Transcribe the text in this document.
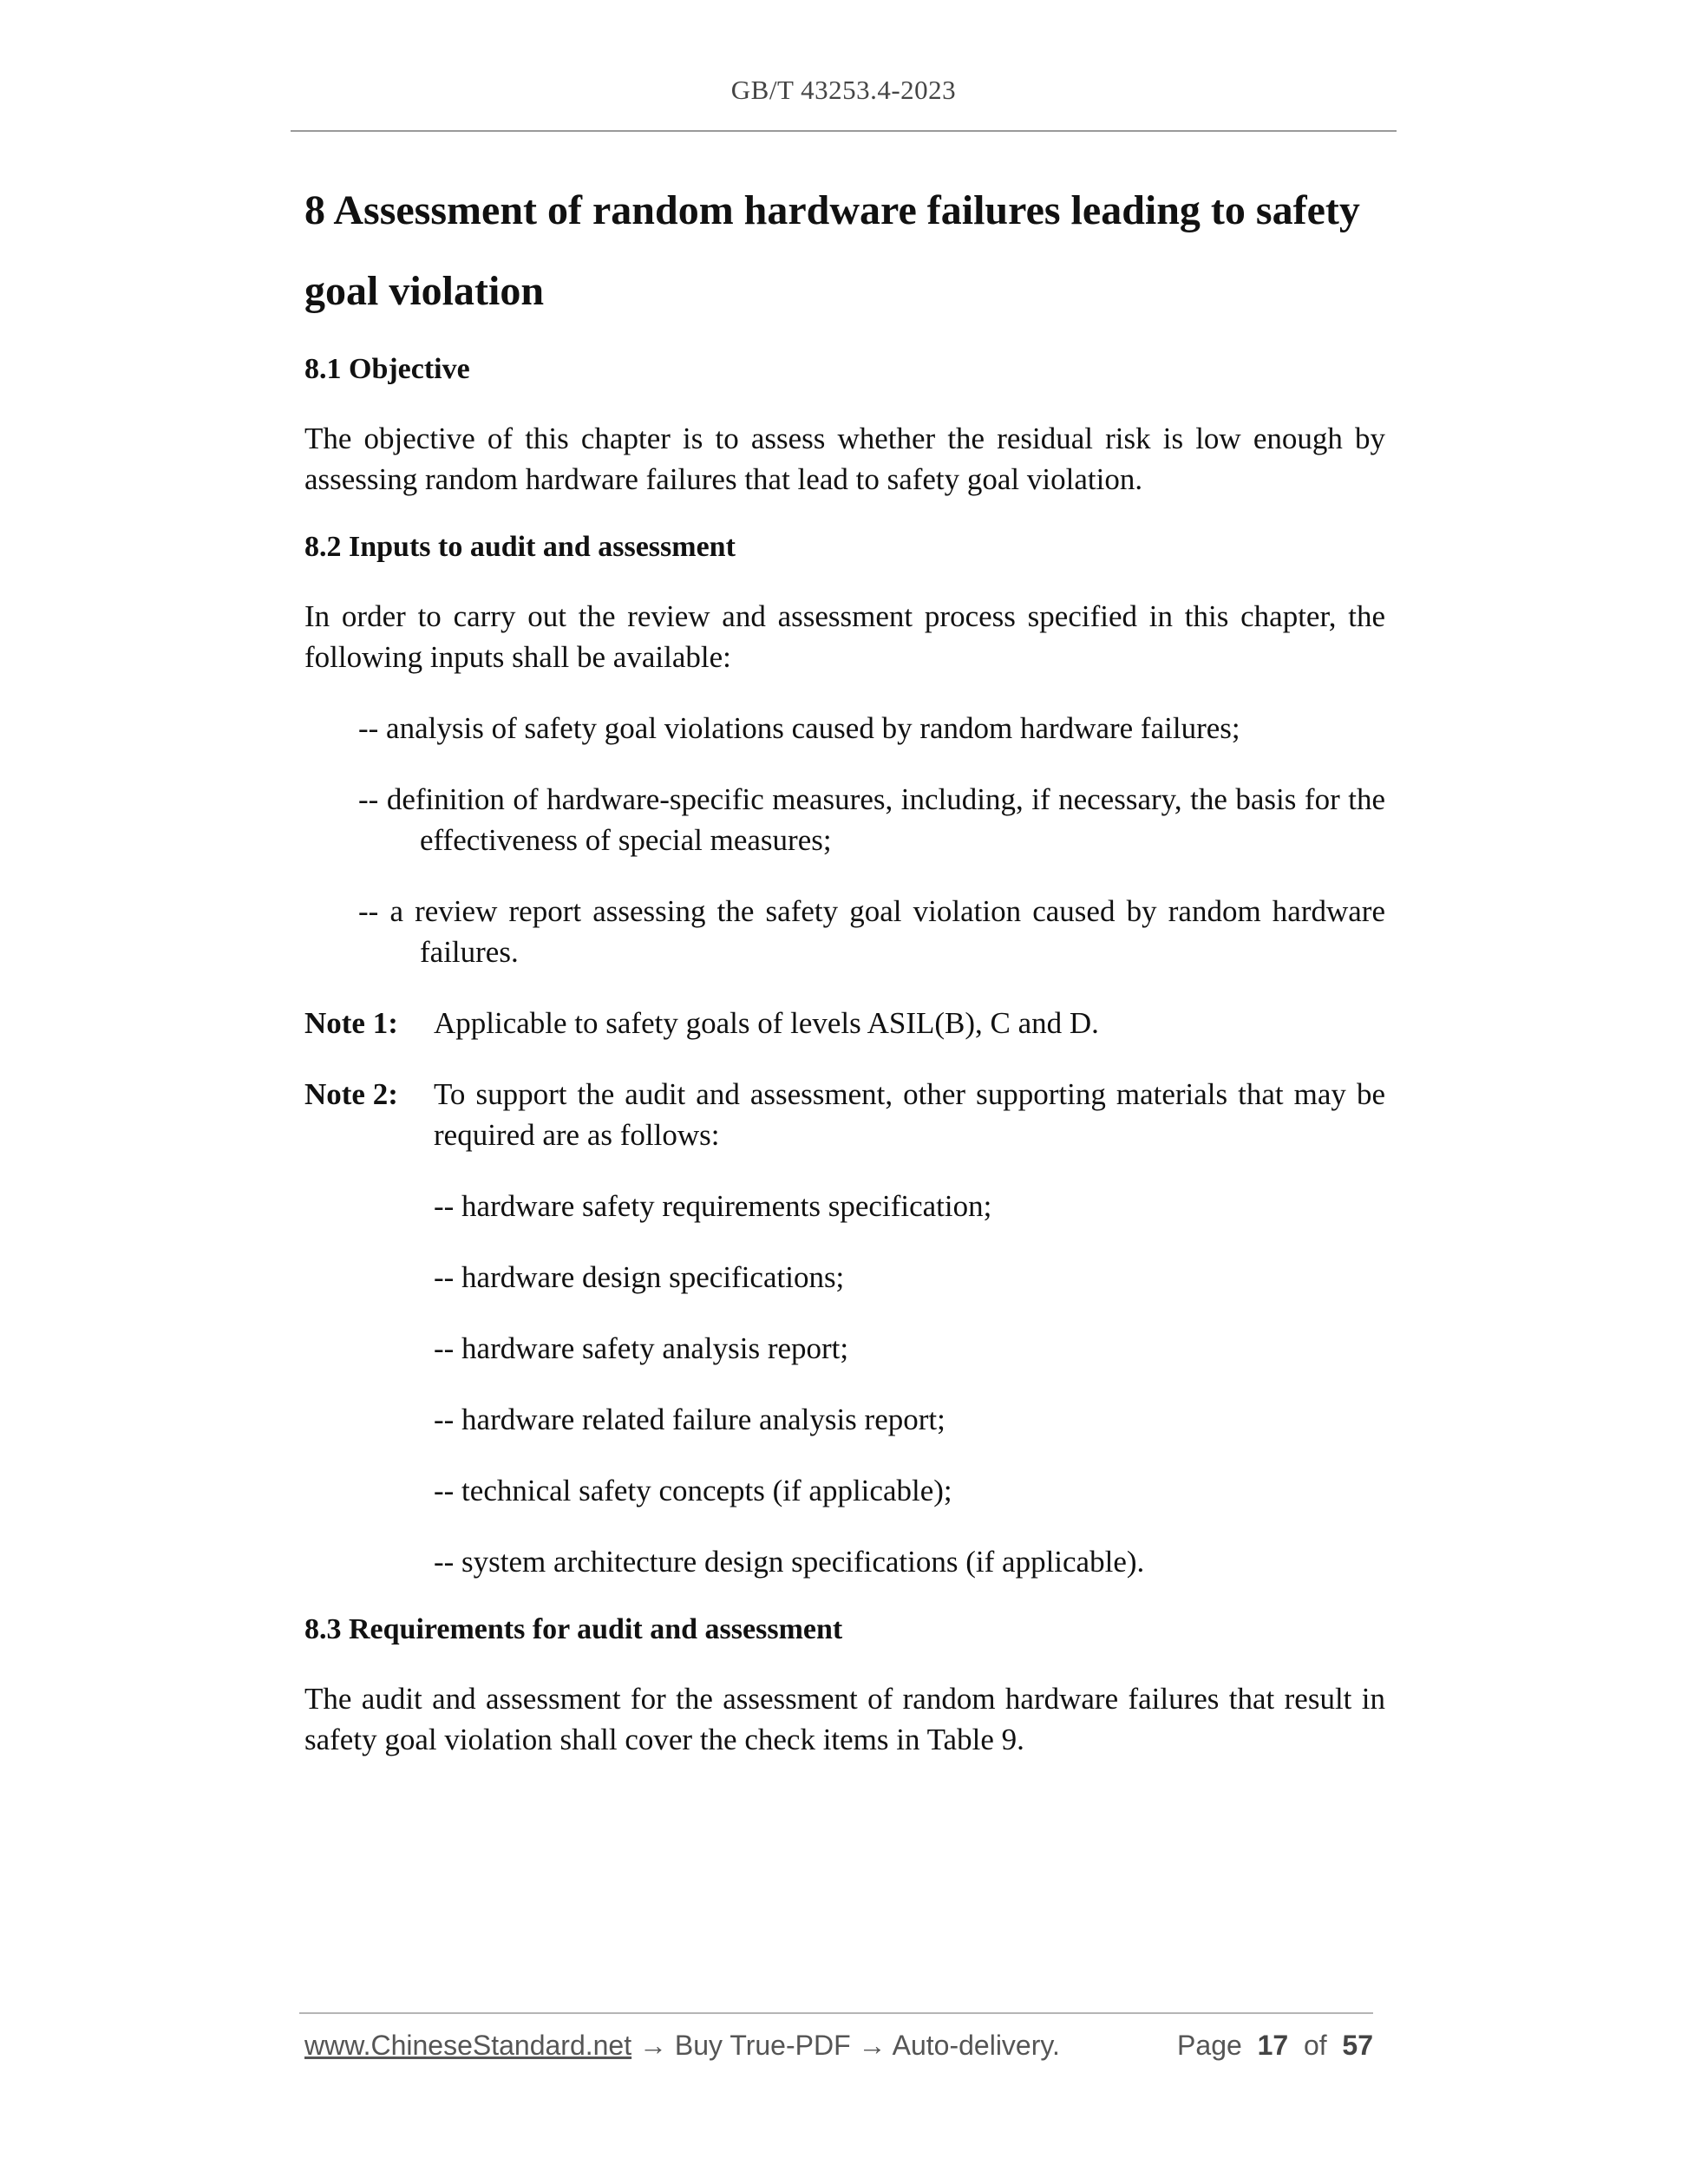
GB/T 43253.4-2023

8 Assessment of random hardware failures leading to safety

goal violation

8.1 Objective

The objective of this chapter is to assess whether the residual risk is low enough by assessing random hardware failures that lead to safety goal violation.

8.2 Inputs to audit and assessment

In order to carry out the review and assessment process specified in this chapter, the following inputs shall be available:

-- analysis of safety goal violations caused by random hardware failures;

-- definition of hardware-specific measures, including, if necessary, the basis for the effectiveness of special measures;

-- a review report assessing the safety goal violation caused by random hardware failures.

Note 1:	Applicable to safety goals of levels ASIL(B), C and D.
Note 2:	To support the audit and assessment, other supporting materials that may be required are as follows:
-- hardware safety requirements specification;
-- hardware design specifications;
-- hardware safety analysis report;
-- hardware related failure analysis report;
-- technical safety concepts (if applicable);
-- system architecture design specifications (if applicable).

8.3 Requirements for audit and assessment

The audit and assessment for the assessment of random hardware failures that result in safety goal violation shall cover the check items in Table 9.

www.ChineseStandard.net → Buy True-PDF → Auto-delivery.	Page 17 of 57
